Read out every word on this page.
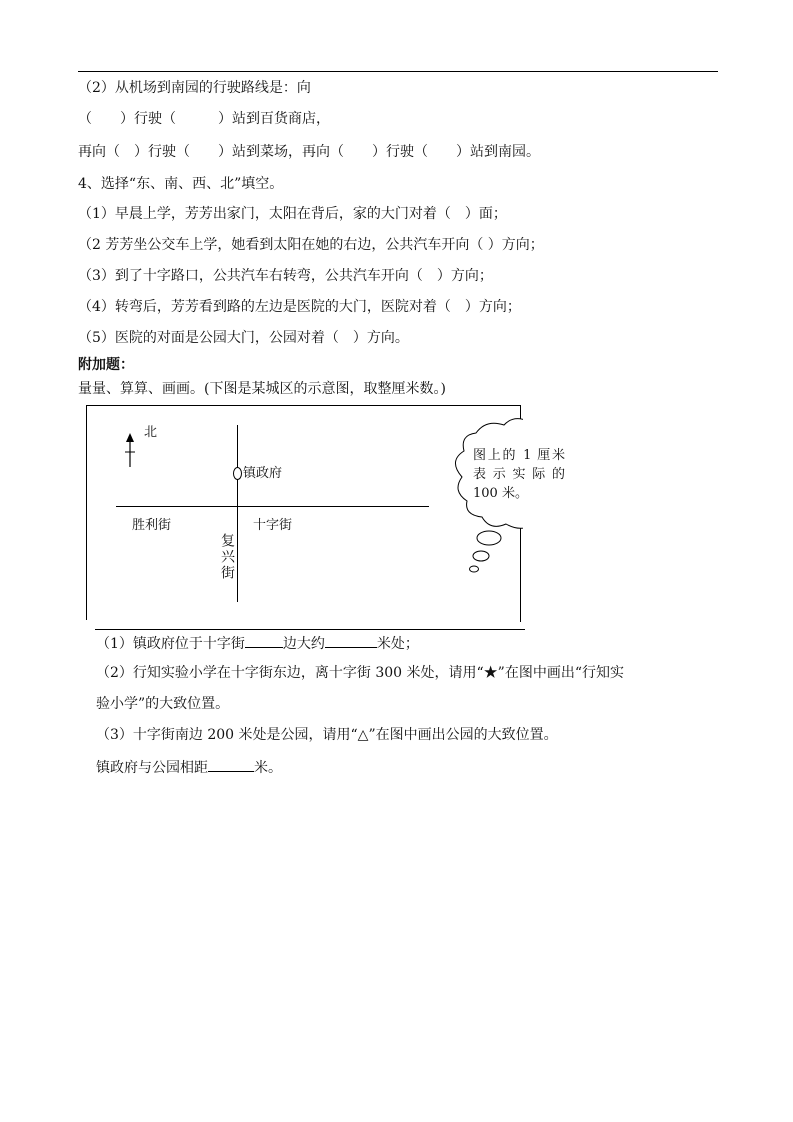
（2）从机场到南园的行驶路线是：向
（　　）行驶（　　　）站到百货商店，
再向（　）行驶（　　）站到菜场，再向（　　）行驶（　　）站到南园。
4、选择“东、南、西、北”填空。
（1）早晨上学，芳芳出家门，太阳在背后，家的大门对着（　）面；
（2 芳芳坐公交车上学，她看到太阳在她的右边，公共汽车开向（ ）方向；
（3）到了十字路口，公共汽车右转弯，公共汽车开向（　）方向；
（4）转弯后，芳芳看到路的左边是医院的大门，医院对着（　）方向；
（5）医院的对面是公园大门，公园对着（　）方向。
附加题：
量量、算算、画画。(下图是某城区的示意图，取整厘米数。)
北
镇政府
胜利街	十字街
复兴街
图上的 1 厘米表示实际的 100 米。
（1）镇政府位于十字街	边大约	米处；
（2）行知实验小学在十字街东边，离十字街 300 米处，请用“★”在图中画出“行知实
验小学”的大致位置。
（3）十字街南边 200 米处是公园，请用“△”在图中画出公园的大致位置。
镇政府与公园相距	米。
